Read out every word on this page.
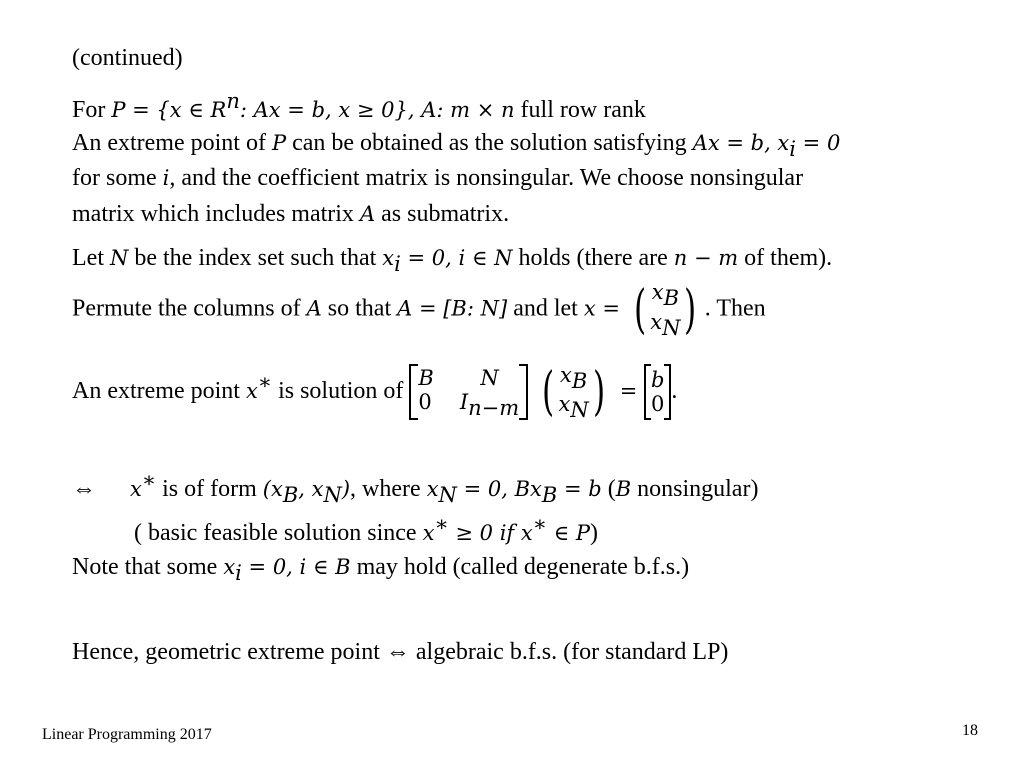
(continued)
For P = {x ∈ $R^n$: Ax = b, x ≥ 0}, A: m × n full row rank
An extreme point of P can be obtained as the solution satisfying Ax = b, $x_i = 0$
for some i, and the coefficient matrix is nonsingular. We choose nonsingular
matrix which includes matrix A as submatrix.
Let N be the index set such that $x_i = 0$, i ∈ N holds (there are n − m of them).
Permute the columns of A so that A = [B: N] and let x = ( $x_B$
$x_N$) . Then
An extreme point x∗ is solution of
B	N
0 $I_{n-m}$ ( $x_B$
$x_N) = b$
0.
⇔ x∗ is of form ($x_B$, $x_N$), where $x_N = 0$, $Bx_B = b$ (B nonsingular)
( basic feasible solution since x∗ ≥ 0 if x∗ ∈ P)
Note that some $x_i = 0$, i ∈ B may hold (called degenerate b.f.s.)
Hence, geometric extreme point ⇔ algebraic b.f.s. (for standard LP)
Linear Programming 2017	18
